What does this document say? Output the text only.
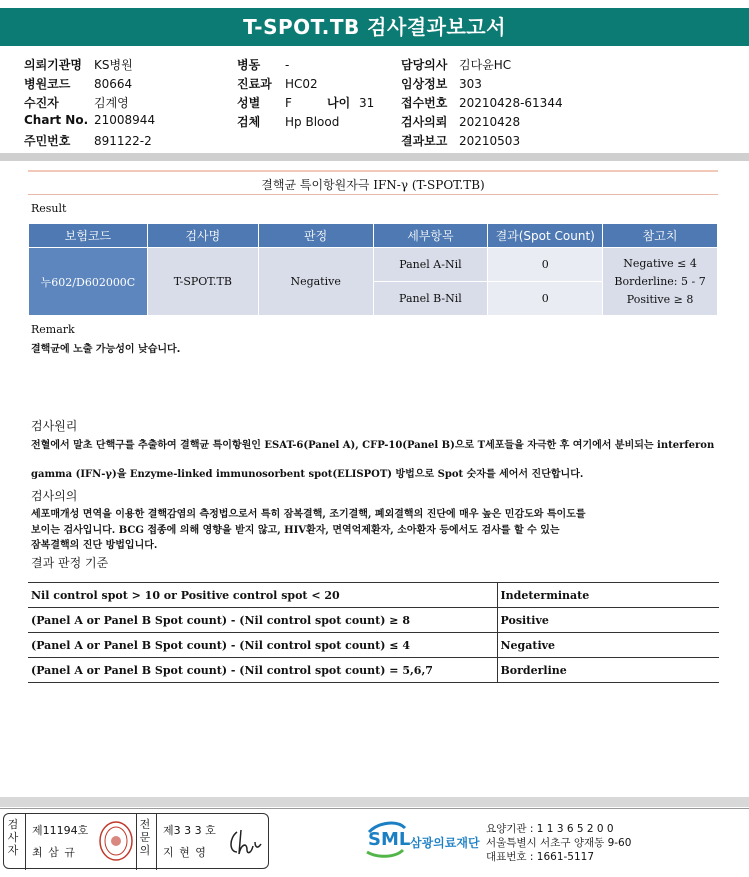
T-SPOT.TB 검사결과보고서
의뢰기관명 KS병원
병원코드 80664
수진자	김계영
Chart No. 21008944
주민번호 891122-2
병동 -
진료과 HC02
성별 F	나이 31
검체 Hp Blood
담당의사 김다윤HC
임상정보 303
접수번호 20210428-61344
검사의뢰 20210428
결과보고 20210503
결핵균 특이항원자극 IFN-γ (T-SPOT.TB)
Result
보험코드	검사명	판정	세부항목	결과(Spot Count)	참고치
누602/D602000C	T-SPOT.TB	Negative	Panel A-Nil	0	Negative ≤ 4
Borderline: 5 - 7
Positive ≥ 8

			Panel B-Nil	0	
Remark
결핵균에 노출 가능성이 낮습니다.
검사원리
전혈에서 말초 단핵구를 추출하여 결핵균 특이항원인 ESAT-6(Panel A), CFP-10(Panel B)으로 T세포들을 자극한 후 여기에서 분비되는 interferon
gamma (IFN-γ)을 Enzyme-linked immunosorbent spot(ELISPOT) 방법으로 Spot 숫자를 세어서 진단합니다.
검사의의
세포매개성 면역을 이용한 결핵감염의 측정법으로서 특히 잠복결핵, 조기결핵, 폐외결핵의 진단에 매우 높은 민감도와 특이도를
보이는 검사입니다. BCG 접종에 의해 영향을 받지 않고, HIV환자, 면역억제환자, 소아환자 등에서도 검사를 할 수 있는
잠복결핵의 진단 방법입니다.
결과 판정 기준
Nil control spot > 10 or Positive control spot < 20	Indeterminate
(Panel A or Panel B Spot count) - (Nil control spot count) ≥ 8	Positive
(Panel A or Panel B Spot count) - (Nil control spot count) ≤ 4	Negative
(Panel A or Panel B Spot count) - (Nil control spot count) = 5,6,7	Borderline
검사자
제11194호
최 삼 규
전문의
제3 3 3 호
지 현 영
SML 삼광의료재단
요양기관 : 1 1 3 6 5 2 0 0
서울특별시 서초구 양재동 9-60
대표번호 : 1661-5117
